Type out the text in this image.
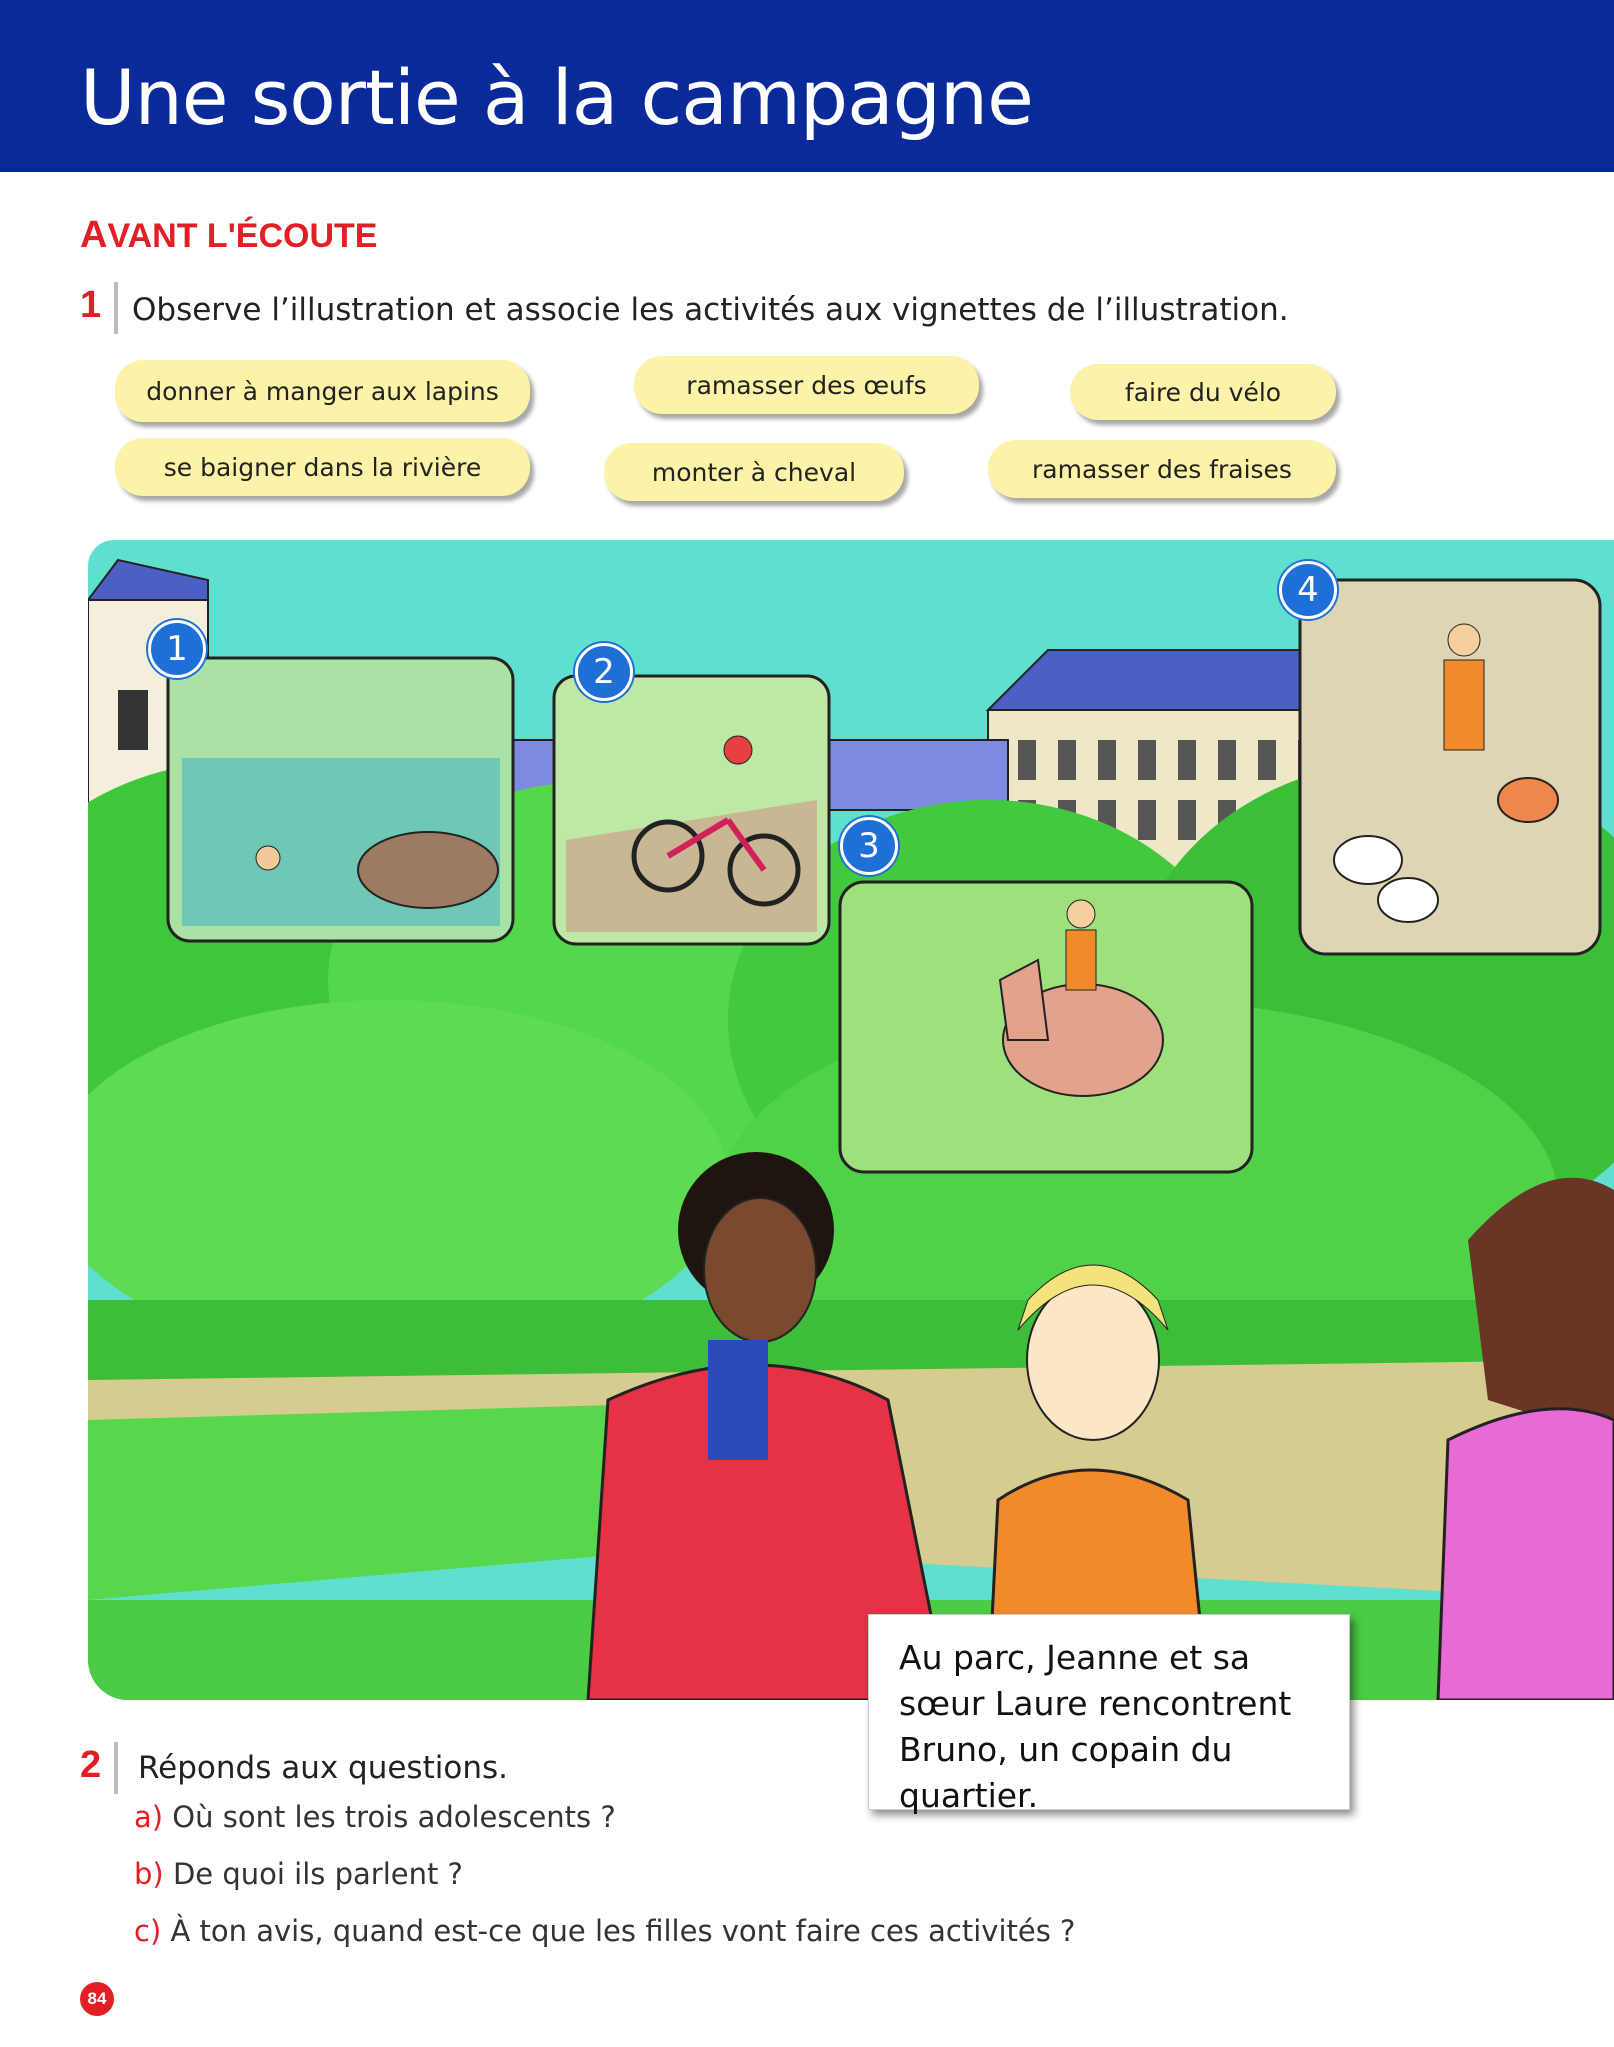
Une sortie à la campagne
AVANT L'ÉCOUTE
1 Observe l’illustration et associe les activités aux vignettes de l’illustration.
donner à manger aux lapins	ramasser des œufs	faire du vélo
se baigner dans la rivière	monter à cheval	ramasser des fraises
1
2
3
4
Au parc, Jeanne et sa sœur Laure rencontrent Bruno, un copain du quartier.
2 Réponds aux questions.
a) Où sont les trois adolescents ?
b) De quoi ils parlent ?
c) À ton avis, quand est-ce que les filles vont faire ces activités ?
84
